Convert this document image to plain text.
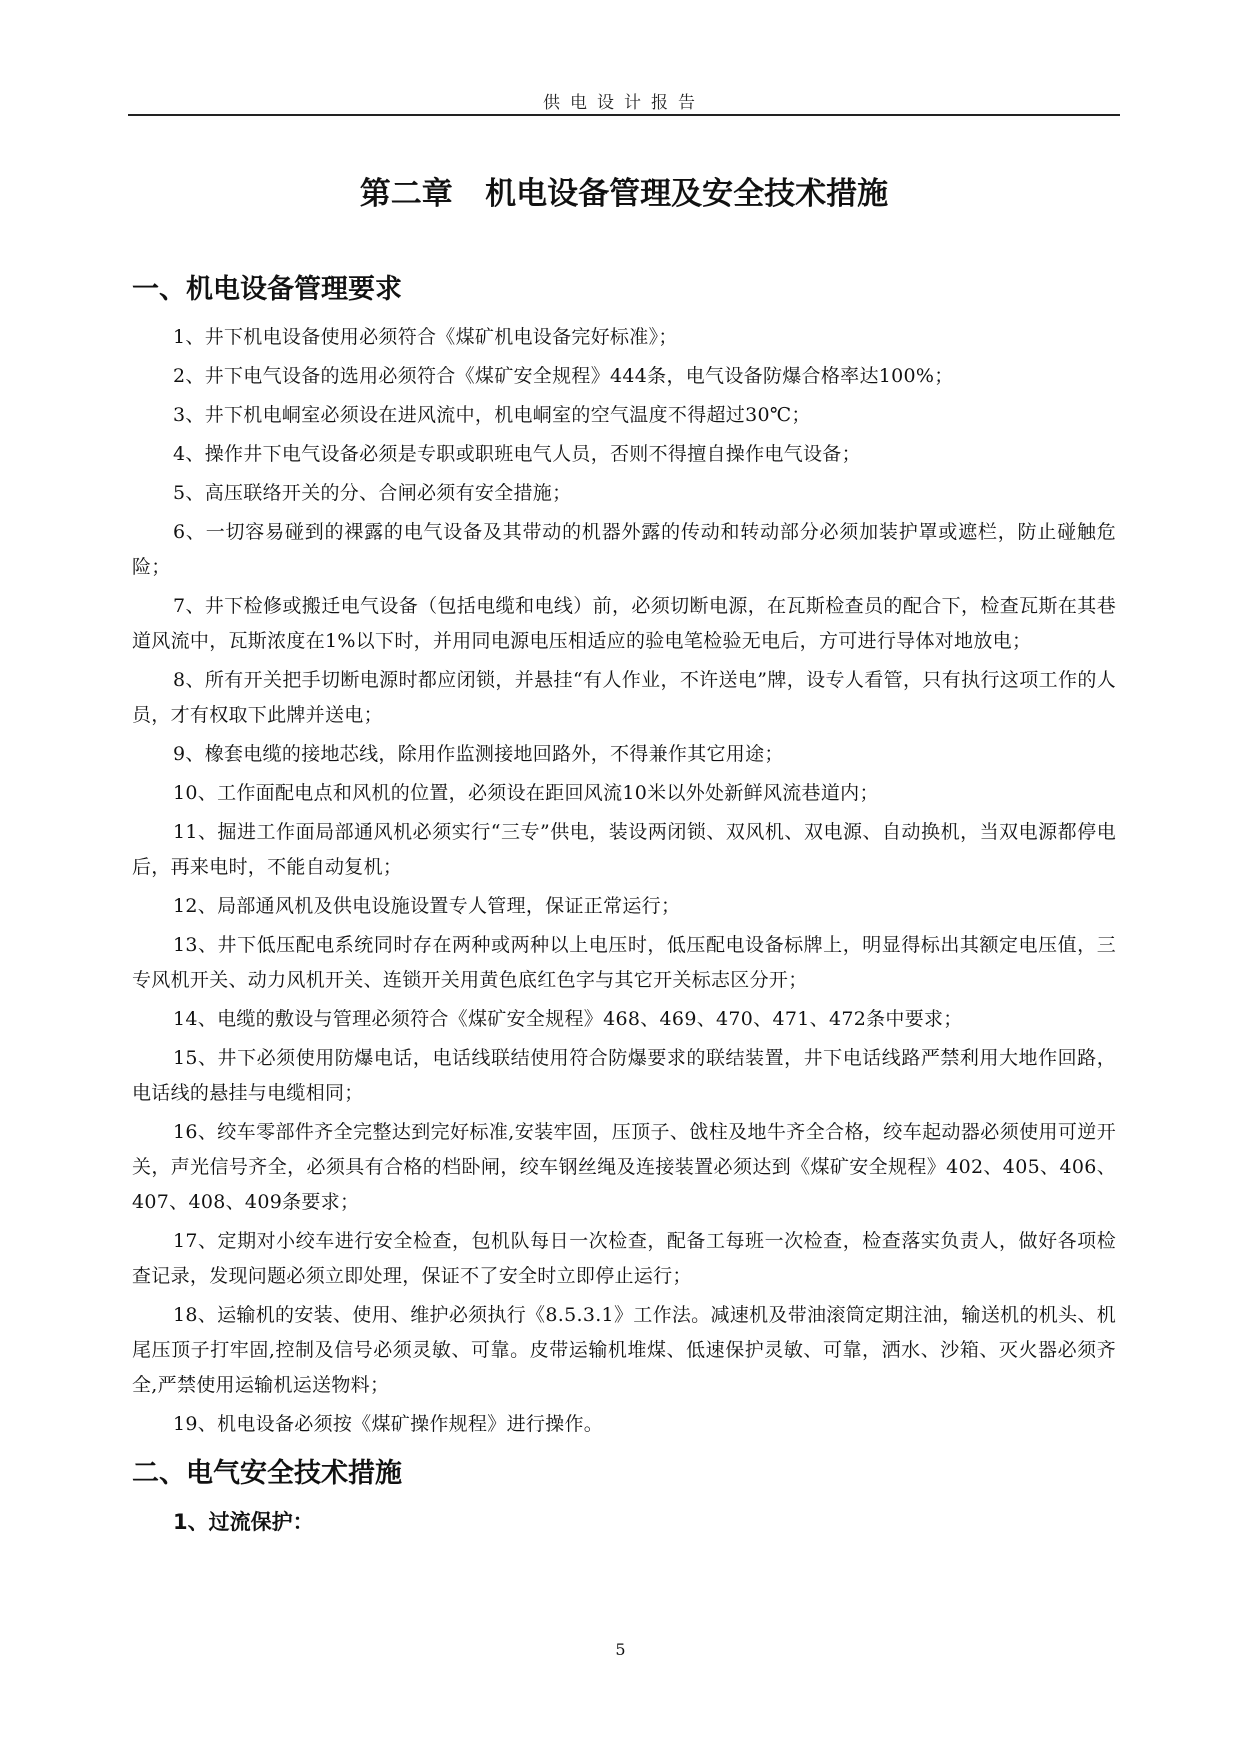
供电设计报告
第二章   机电设备管理及安全技术措施
一、机电设备管理要求
1、井下机电设备使用必须符合《煤矿机电设备完好标准》；
2、井下电气设备的选用必须符合《煤矿安全规程》444条，电气设备防爆合格率达100%；
3、井下机电峒室必须设在进风流中，机电峒室的空气温度不得超过30℃；
4、操作井下电气设备必须是专职或职班电气人员，否则不得擅自操作电气设备；
5、高压联络开关的分、合闸必须有安全措施；
6、一切容易碰到的裸露的电气设备及其带动的机器外露的传动和转动部分必须加装护罩或遮栏，防止碰触危险；
7、井下检修或搬迁电气设备（包括电缆和电线）前，必须切断电源，在瓦斯检查员的配合下，检查瓦斯在其巷道风流中，瓦斯浓度在1%以下时，并用同电源电压相适应的验电笔检验无电后，方可进行导体对地放电；
8、所有开关把手切断电源时都应闭锁，并悬挂“有人作业，不许送电”牌，设专人看管，只有执行这项工作的人员，才有权取下此牌并送电；
9、橡套电缆的接地芯线，除用作监测接地回路外，不得兼作其它用途；
10、工作面配电点和风机的位置，必须设在距回风流10米以外处新鲜风流巷道内；
11、掘进工作面局部通风机必须实行“三专”供电，装设两闭锁、双风机、双电源、自动换机，当双电源都停电后，再来电时，不能自动复机；
12、局部通风机及供电设施设置专人管理，保证正常运行；
13、井下低压配电系统同时存在两种或两种以上电压时，低压配电设备标牌上，明显得标出其额定电压值，三专风机开关、动力风机开关、连锁开关用黄色底红色字与其它开关标志区分开；
14、电缆的敷设与管理必须符合《煤矿安全规程》468、469、470、471、472条中要求；
15、井下必须使用防爆电话，电话线联结使用符合防爆要求的联结装置，井下电话线路严禁利用大地作回路，电话线的悬挂与电缆相同；
16、绞车零部件齐全完整达到完好标准,安装牢固，压顶子、戗柱及地牛齐全合格，绞车起动器必须使用可逆开关，声光信号齐全，必须具有合格的档卧闸，绞车钢丝绳及连接装置必须达到《煤矿安全规程》402、405、406、407、408、409条要求；
17、定期对小绞车进行安全检查，包机队每日一次检查，配备工每班一次检查，检查落实负责人，做好各项检查记录，发现问题必须立即处理，保证不了安全时立即停止运行；
18、运输机的安装、使用、维护必须执行《8.5.3.1》工作法。减速机及带油滚筒定期注油，输送机的机头、机尾压顶子打牢固,控制及信号必须灵敏、可靠。皮带运输机堆煤、低速保护灵敏、可靠，洒水、沙箱、灭火器必须齐全,严禁使用运输机运送物料；
19、机电设备必须按《煤矿操作规程》进行操作。
二、电气安全技术措施
1、过流保护：
5
